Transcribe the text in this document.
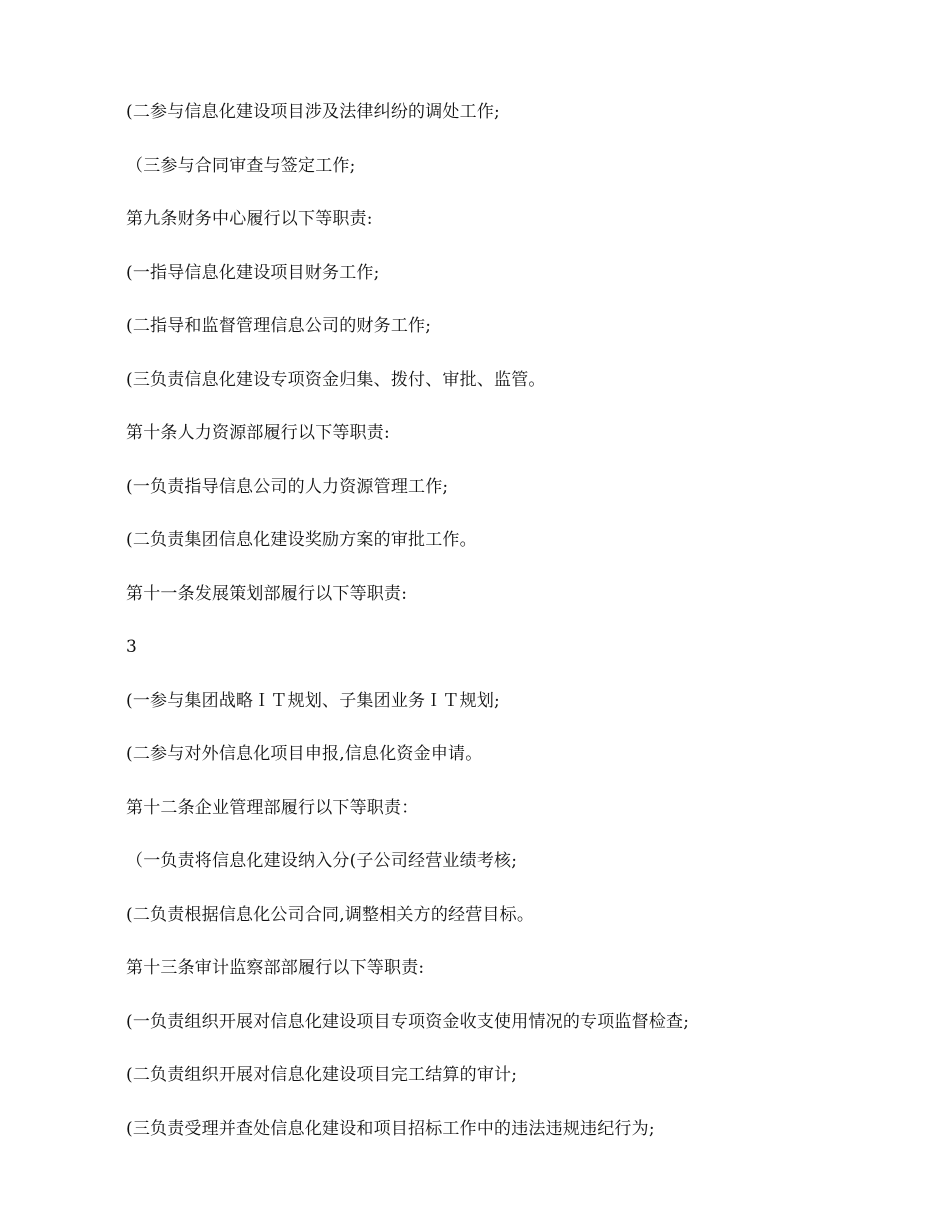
(二参与信息化建设项目涉及法律纠纷的调处工作;
（三参与合同审查与签定工作;
第九条财务中心履行以下等职责:
(一指导信息化建设项目财务工作;
(二指导和监督管理信息公司的财务工作;
(三负责信息化建设专项资金归集、拨付、审批、监管。
第十条人力资源部履行以下等职责:
(一负责指导信息公司的人力资源管理工作;
(二负责集团信息化建设奖励方案的审批工作。
第十一条发展策划部履行以下等职责:
3
(一参与集团战略ＩＴ规划、子集团业务ＩＴ规划;
(二参与对外信息化项目申报,信息化资金申请。
第十二条企业管理部履行以下等职责：
（一负责将信息化建设纳入分(子公司经营业绩考核;
(二负责根据信息化公司合同,调整相关方的经营目标。
第十三条审计监察部部履行以下等职责:
(一负责组织开展对信息化建设项目专项资金收支使用情况的专项监督检查;
(二负责组织开展对信息化建设项目完工结算的审计;
(三负责受理并查处信息化建设和项目招标工作中的违法违规违纪行为;
